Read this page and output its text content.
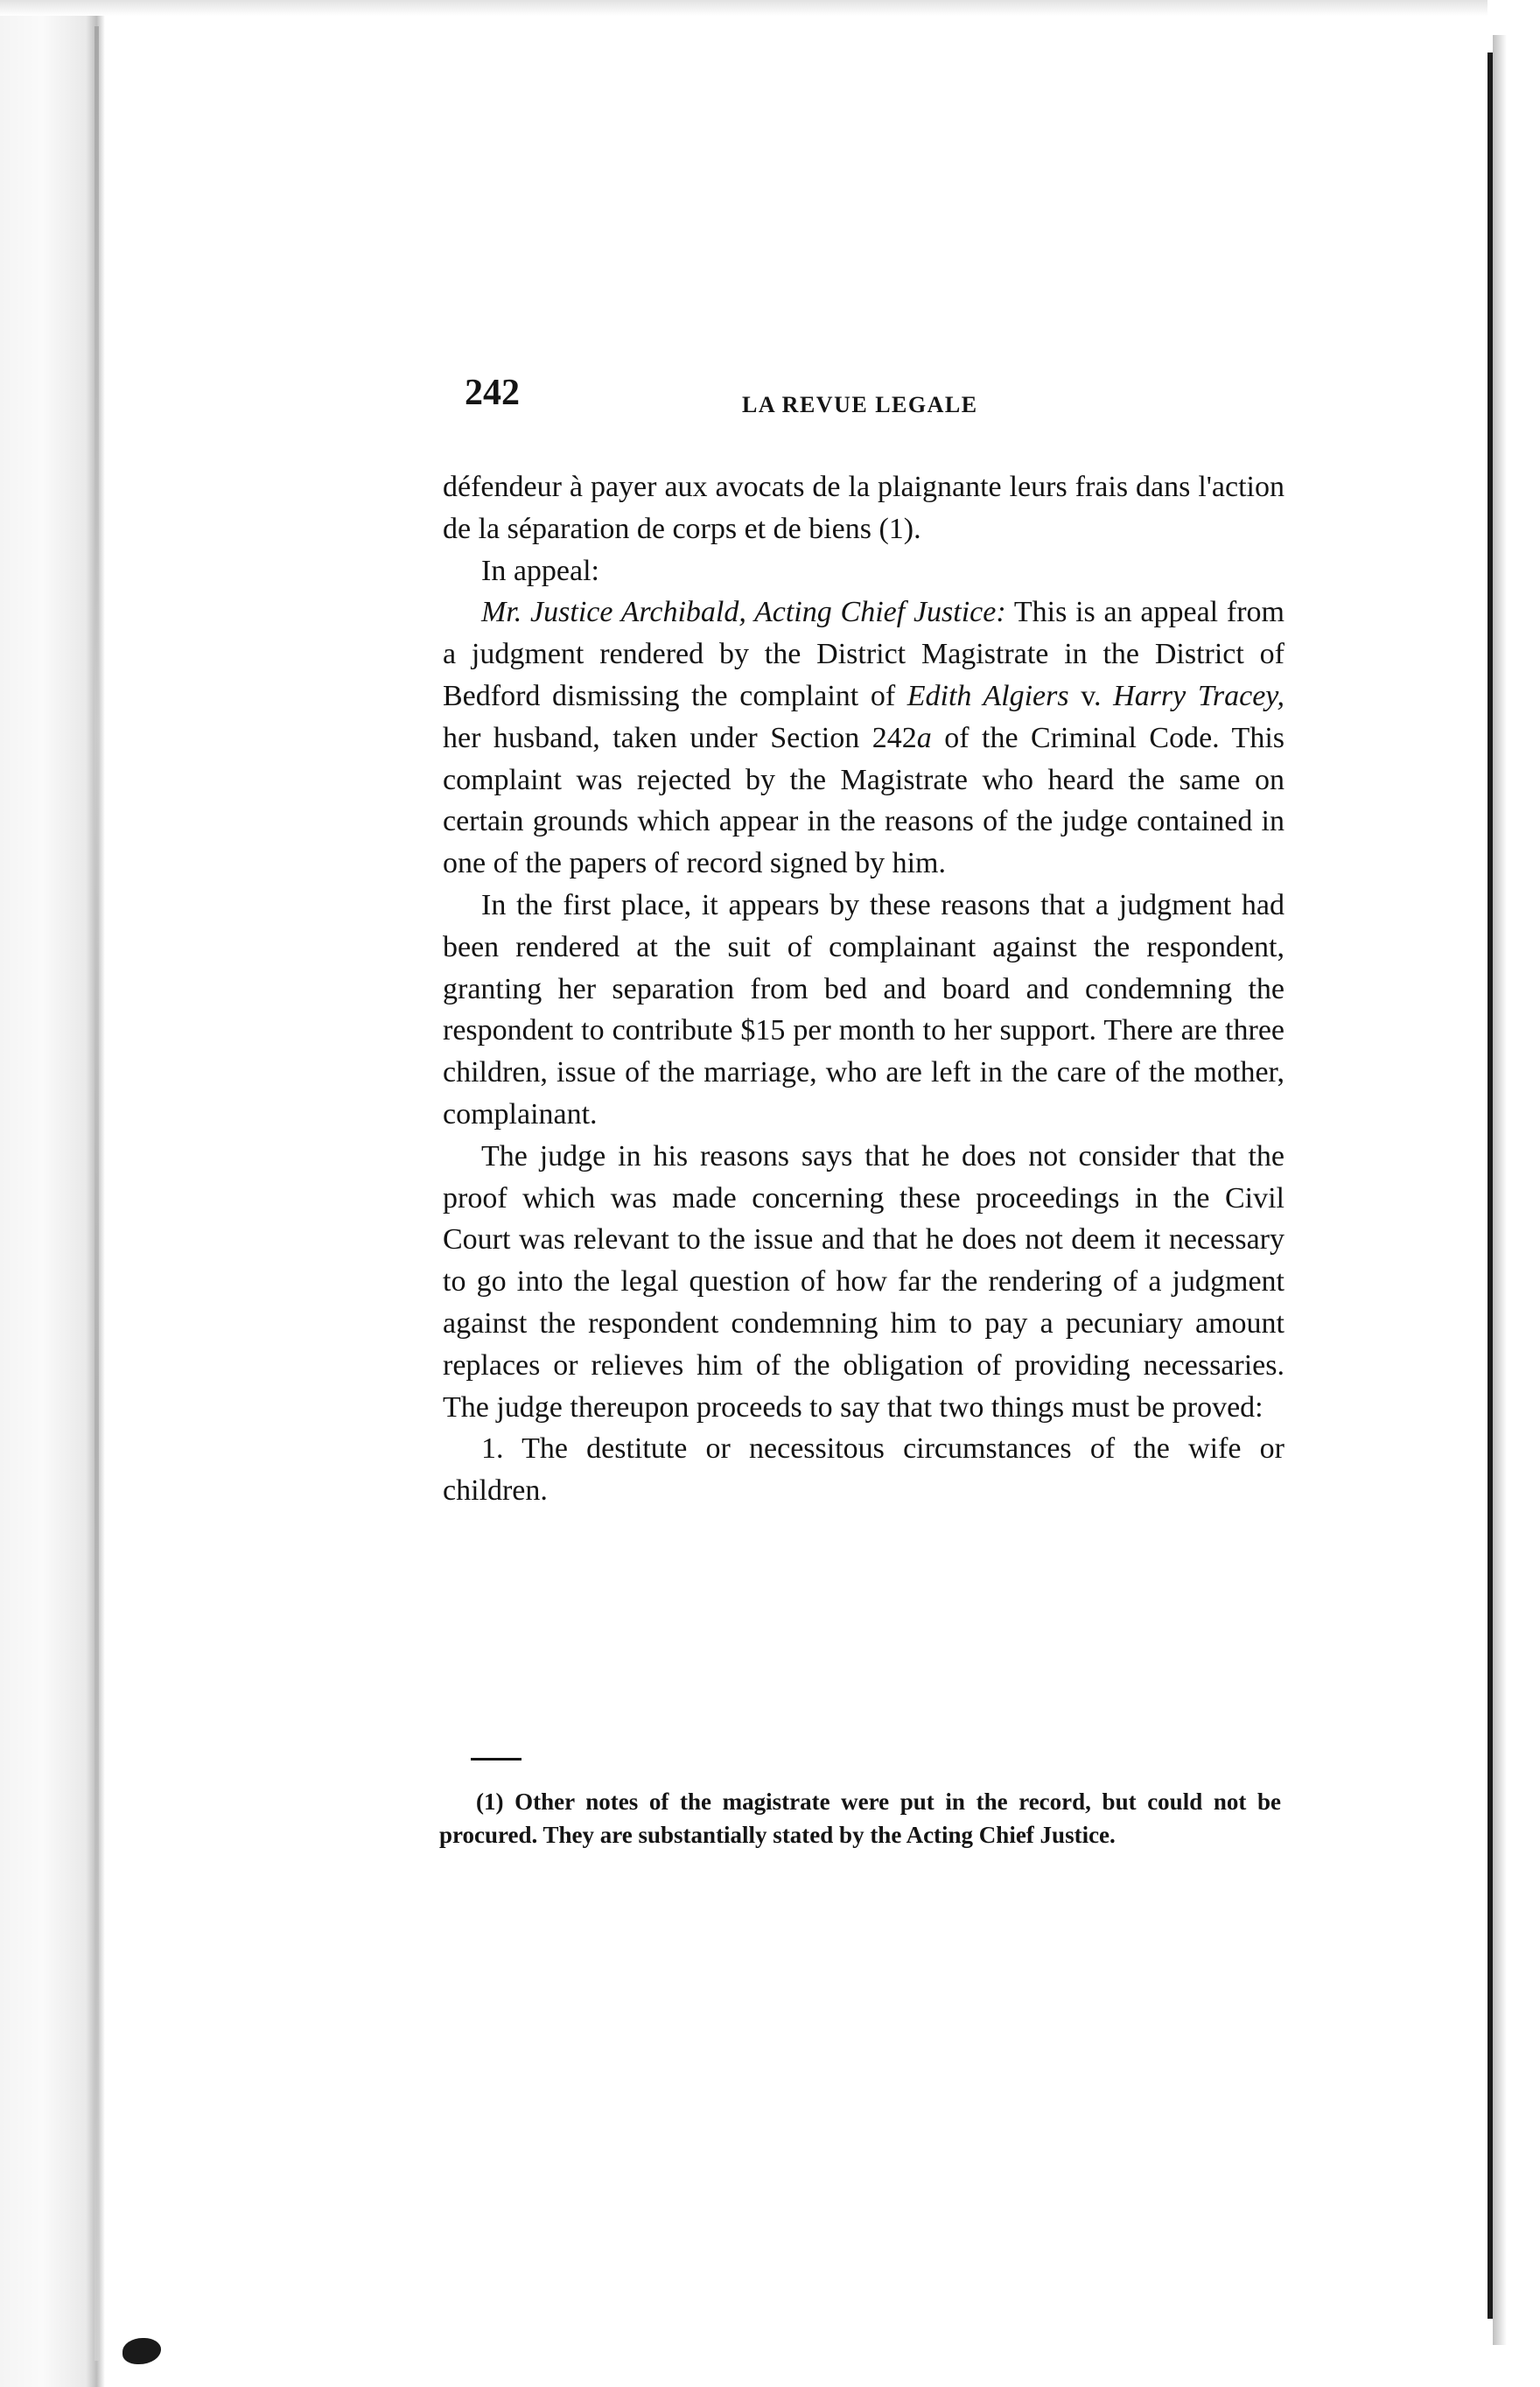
242	LA REVUE LEGALE

défendeur à payer aux avocats de la plaignante leurs frais dans l'action de la séparation de corps et de biens (1).

In appeal:

Mr. Justice Archibald, Acting Chief Justice: This is an appeal from a judgment rendered by the District Magistrate in the District of Bedford dismissing the complaint of Edith Algiers v. Harry Tracey, her husband, taken under Section 242a of the Criminal Code. This complaint was rejected by the Magistrate who heard the same on certain grounds which appear in the reasons of the judge contained in one of the papers of record signed by him.

In the first place, it appears by these reasons that a judgment had been rendered at the suit of complainant against the respondent, granting her separation from bed and board and condemning the respondent to contribute $15 per month to her support. There are three children, issue of the marriage, who are left in the care of the mother, complainant.

The judge in his reasons says that he does not consider that the proof which was made concerning these proceedings in the Civil Court was relevant to the issue and that he does not deem it necessary to go into the legal question of how far the rendering of a judgment against the respondent condemning him to pay a pecuniary amount replaces or relieves him of the obligation of providing necessaries. The judge thereupon proceeds to say that two things must be proved:

1. The destitute or necessitous circumstances of the wife or children.

(1) Other notes of the magistrate were put in the record, but could not be procured. They are substantially stated by the Acting Chief Justice.
